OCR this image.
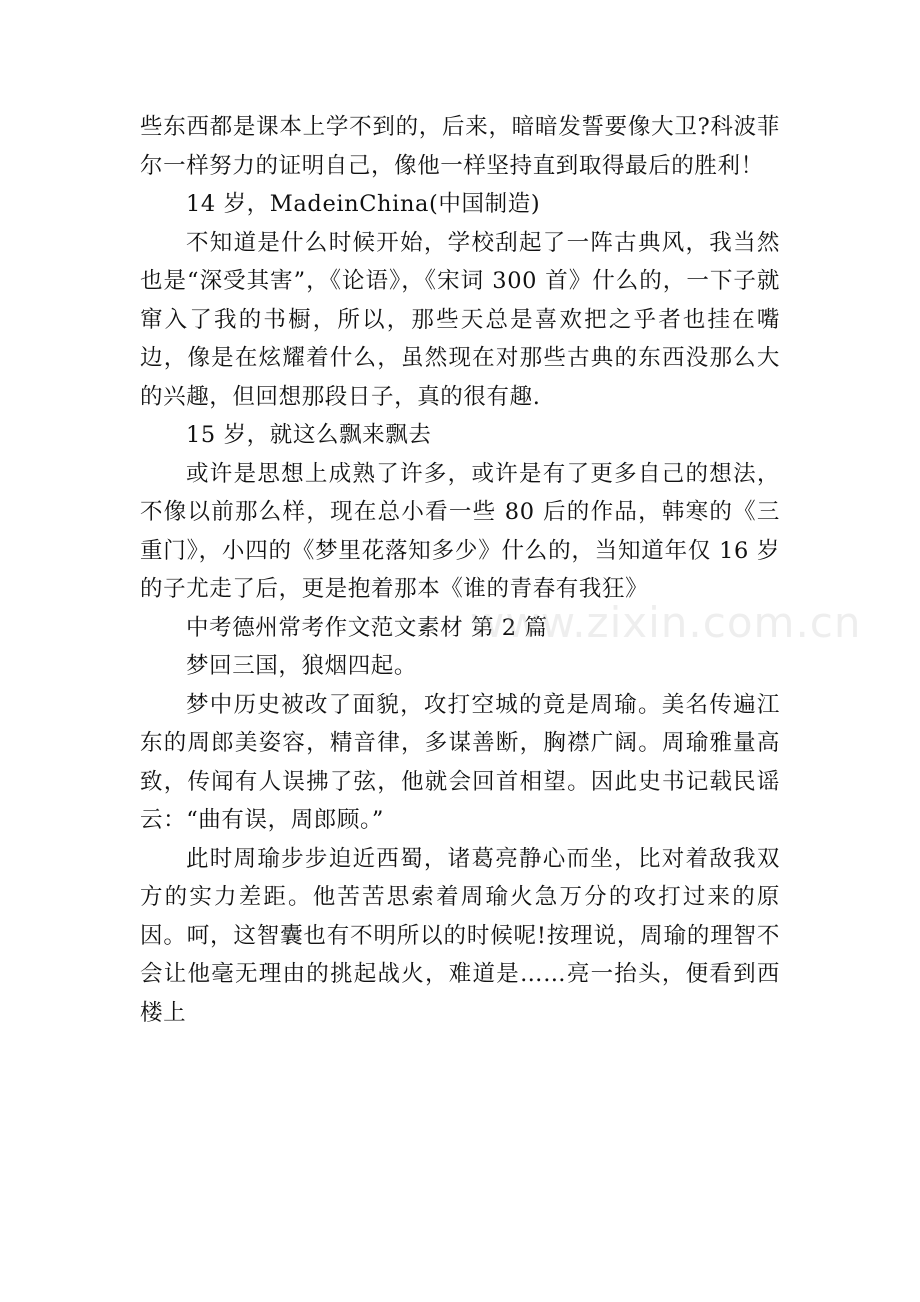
些东西都是课本上学不到的，后来，暗暗发誓要像大卫?科波菲尔一样努力的证明自己，像他一样坚持直到取得最后的胜利！

14 岁，MadeinChina(中国制造)

不知道是什么时候开始，学校刮起了一阵古典风，我当然也是“深受其害”，《论语》，《宋词 300 首》什么的，一下子就窜入了我的书橱，所以，那些天总是喜欢把之乎者也挂在嘴边，像是在炫耀着什么，虽然现在对那些古典的东西没那么大的兴趣，但回想那段日子，真的很有趣.

15 岁，就这么飘来飘去

或许是思想上成熟了许多，或许是有了更多自己的想法，不像以前那么样，现在总小看一些 80 后的作品，韩寒的《三重门》，小四的《梦里花落知多少》什么的，当知道年仅 16 岁的子尤走了后，更是抱着那本《谁的青春有我狂》

中考德州常考作文范文素材 第 2 篇

梦回三国，狼烟四起。

梦中历史被改了面貌，攻打空城的竟是周瑜。美名传遍江东的周郎美姿容，精音律，多谋善断，胸襟广阔。周瑜雅量高致，传闻有人误拂了弦，他就会回首相望。因此史书记载民谣云：“曲有误，周郎顾。”

此时周瑜步步迫近西蜀，诸葛亮静心而坐，比对着敌我双方的实力差距。他苦苦思索着周瑜火急万分的攻打过来的原因。呵，这智囊也有不明所以的时候呢!按理说，周瑜的理智不会让他毫无理由的挑起战火，难道是……亮一抬头，便看到西楼上

www.zixin.com.cn
